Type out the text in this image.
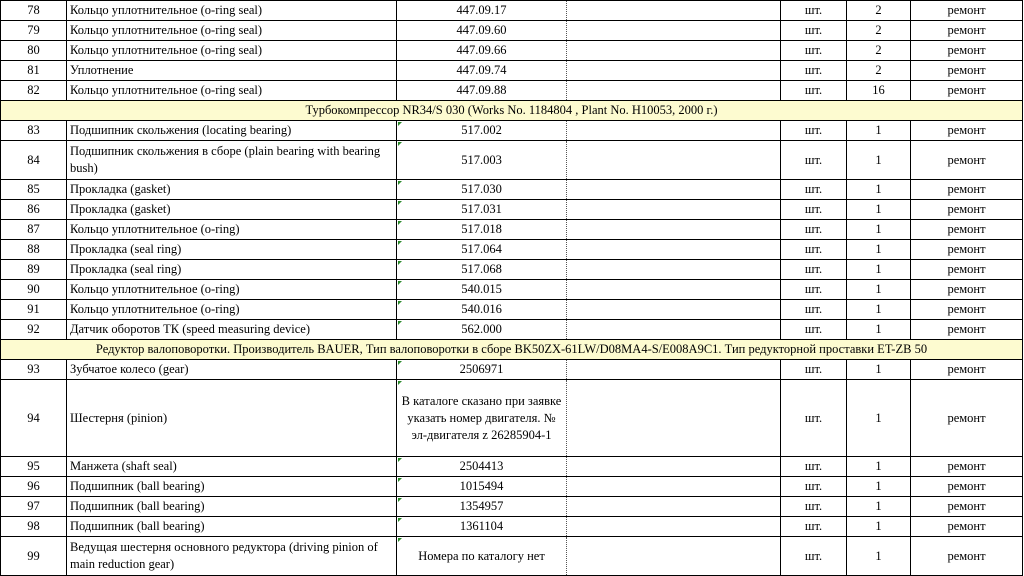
78	Кольцо уплотнительное (o-ring seal)	447.09.17		шт.	2	ремонт
79	Кольцо уплотнительное (o-ring seal)	447.09.60		шт.	2	ремонт
80	Кольцо уплотнительное (o-ring seal)	447.09.66		шт.	2	ремонт
81	Уплотнение	447.09.74		шт.	2	ремонт
82	Кольцо уплотнительное (o-ring seal)	447.09.88		шт.	16	ремонт
Турбокомпрессор NR34/S 030 (Works No. 1184804 , Plant No. H10053, 2000 г.)						
83	Подшипник скольжения (locating bearing)	517.002		шт.	1	ремонт
84	Подшипник скольжения в сборе (plain bearing with bearing bush)	517.003		шт.	1	ремонт
85	Прокладка (gasket)	517.030		шт.	1	ремонт
86	Прокладка (gasket)	517.031		шт.	1	ремонт
87	Кольцо уплотнительное (o-ring)	517.018		шт.	1	ремонт
88	Прокладка (seal ring)	517.064		шт.	1	ремонт
89	Прокладка (seal ring)	517.068		шт.	1	ремонт
90	Кольцо уплотнительное (o-ring)	540.015		шт.	1	ремонт
91	Кольцо уплотнительное (o-ring)	540.016		шт.	1	ремонт
92	Датчик оборотов ТК (speed measuring device)	562.000		шт.	1	ремонт
Редуктор валоповоротки. Производитель BAUER, Тип валоповоротки в сборе BK50ZX-61LW/D08MA4-S/E008A9C1. Тип редукторной проставки ET-ZB 50						
93	Зубчатое колесо (gear)	2506971		шт.	1	ремонт
94	Шестерня (pinion)	В каталоге сказано при заявке указать номер двигателя. № эл-двигателя z 26285904-1		шт.	1	ремонт
95	Манжета (shaft seal)	2504413		шт.	1	ремонт
96	Подшипник (ball bearing)	1015494		шт.	1	ремонт
97	Подшипник (ball bearing)	1354957		шт.	1	ремонт
98	Подшипник (ball bearing)	1361104		шт.	1	ремонт
99	Ведущая шестерня основного редуктора (driving pinion of main reduction gear)	Номера по каталогу нет		шт.	1	ремонт
